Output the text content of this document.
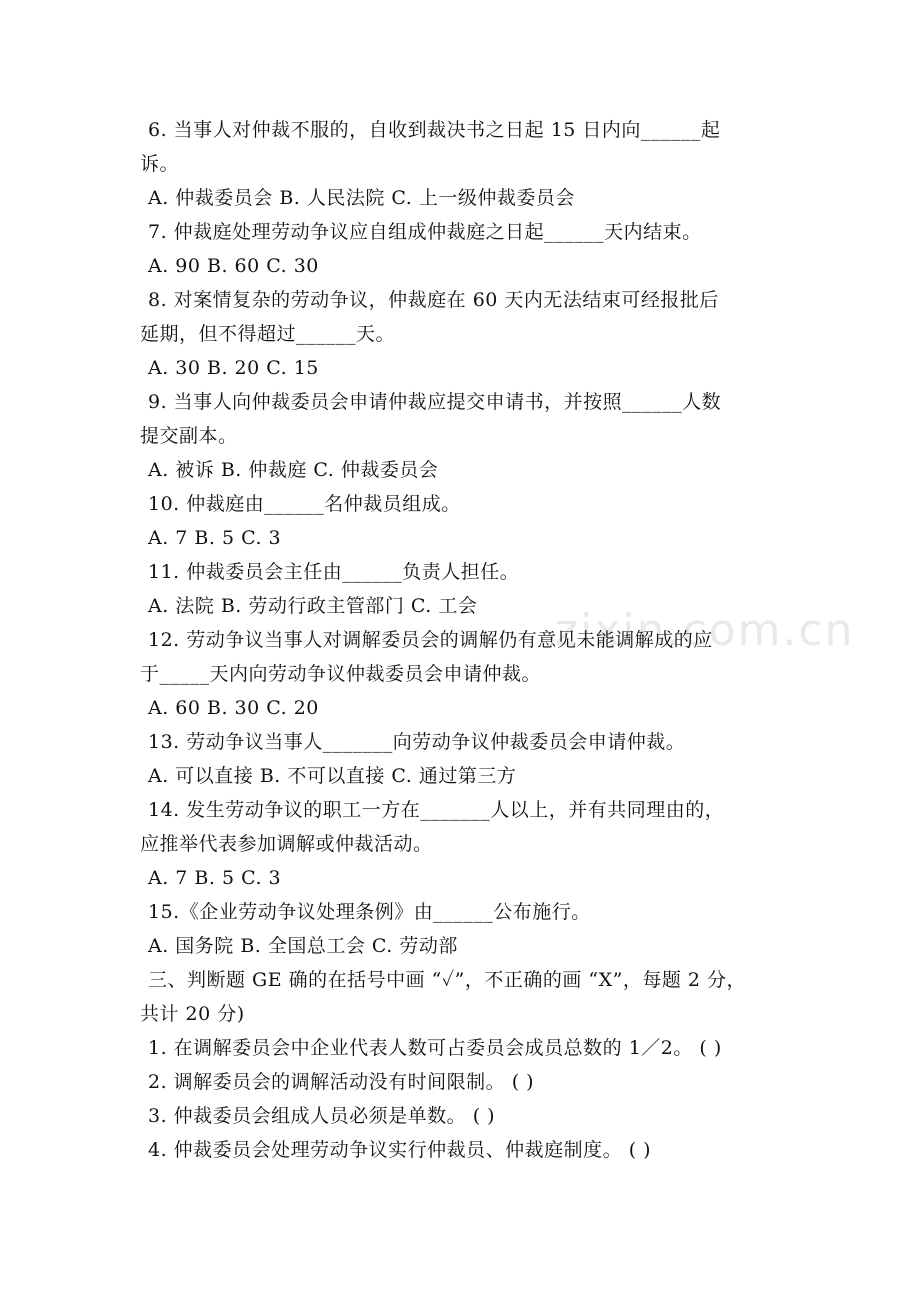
zixin.com.cn
6. 当事人对仲裁不服的，自收到裁决书之日起 15 日内向______起
诉。
A. 仲裁委员会 B. 人民法院 C. 上一级仲裁委员会
7. 仲裁庭处理劳动争议应自组成仲裁庭之日起______天内结束。
A. 90 B. 60 C. 30
8. 对案情复杂的劳动争议，仲裁庭在 60 天内无法结束可经报批后
延期，但不得超过______天。
A. 30 B. 20 C. 15
9. 当事人向仲裁委员会申请仲裁应提交申请书，并按照______人数
提交副本。
A. 被诉 B. 仲裁庭 C. 仲裁委员会
10. 仲裁庭由______名仲裁员组成。
A. 7 B. 5 C. 3
11. 仲裁委员会主任由______负责人担任。
A. 法院 B. 劳动行政主管部门 C. 工会
12. 劳动争议当事人对调解委员会的调解仍有意见未能调解成的应
于_____天内向劳动争议仲裁委员会申请仲裁。
A. 60 B. 30 C. 20
13. 劳动争议当事人_______向劳动争议仲裁委员会申请仲裁。
A. 可以直接 B. 不可以直接 C. 通过第三方
14. 发生劳动争议的职工一方在_______人以上，并有共同理由的，
应推举代表参加调解或仲裁活动。
A. 7 B. 5 C. 3
15.《企业劳动争议处理条例》由______公布施行。
A. 国务院 B. 全国总工会 C. 劳动部
三、判断题 GE 确的在括号中画 “✓”，不正确的画 “X”，每题 2 分，
共计 20 分)
1. 在调解委员会中企业代表人数可占委员会成员总数的 1／2。 ( )
2. 调解委员会的调解活动没有时间限制。 ( )
3. 仲裁委员会组成人员必须是单数。 ( )
4. 仲裁委员会处理劳动争议实行仲裁员、仲裁庭制度。 ( )
